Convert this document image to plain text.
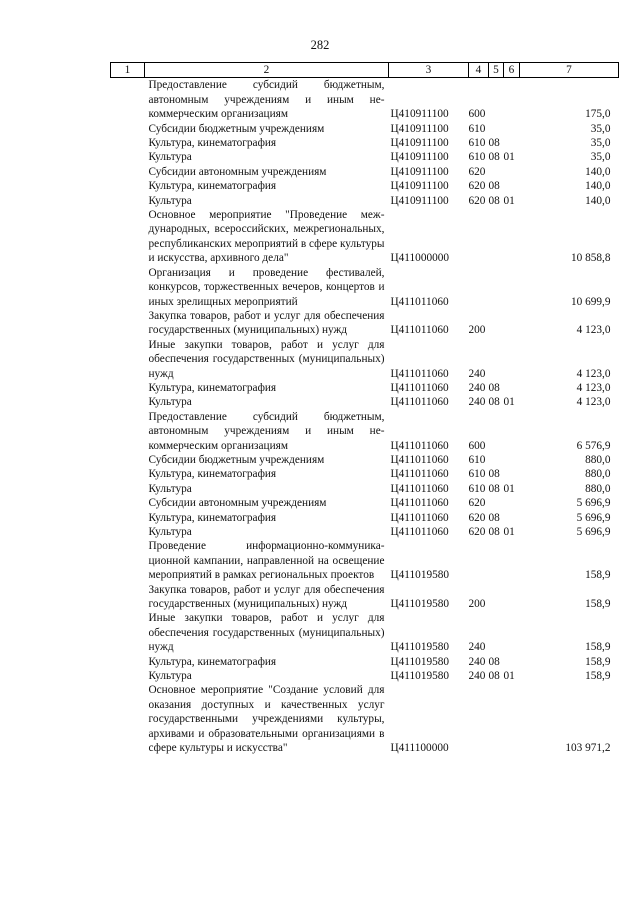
282
1	2	3	4	5	6	7
	Предоставление субсидий бюджетным, автономным учреждениям и иным некоммерческим организациям	Ц410911100	600			175,0
	Субсидии бюджетным учреждениям	Ц410911100	610			35,0
	Культура, кинематография	Ц410911100	610	08		35,0
	Культура	Ц410911100	610	08	01	35,0
	Субсидии автономным учреждениям	Ц410911100	620			140,0
	Культура, кинематография	Ц410911100	620	08		140,0
	Культура	Ц410911100	620	08	01	140,0
	Основное мероприятие "Проведение международных, всероссийских, межрегиональных, республиканских мероприятий в сфере культуры и искусства, архивного дела"	Ц411000000				10 858,8
	Организация и проведение фестивалей, конкурсов, торжественных вечеров, концертов и иных зрелищных мероприятий	Ц411011060				10 699,9
	Закупка товаров, работ и услуг для обеспечения государственных (муниципальных) нужд	Ц411011060	200			4 123,0
	Иные закупки товаров, работ и услуг для обеспечения государственных (муниципальных) нужд	Ц411011060	240			4 123,0
	Культура, кинематография	Ц411011060	240	08		4 123,0
	Культура	Ц411011060	240	08	01	4 123,0
	Предоставление субсидий бюджетным, автономным учреждениям и иным некоммерческим организациям	Ц411011060	600			6 576,9
	Субсидии бюджетным учреждениям	Ц411011060	610			880,0
	Культура, кинематография	Ц411011060	610	08		880,0
	Культура	Ц411011060	610	08	01	880,0
	Субсидии автономным учреждениям	Ц411011060	620			5 696,9
	Культура, кинематография	Ц411011060	620	08		5 696,9
	Культура	Ц411011060	620	08	01	5 696,9
	Проведение информационно-коммуникационной кампании, направленной на освещение мероприятий в рамках региональных проектов	Ц411019580				158,9
	Закупка товаров, работ и услуг для обеспечения государственных (муниципальных) нужд	Ц411019580	200			158,9
	Иные закупки товаров, работ и услуг для обеспечения государственных (муниципальных) нужд	Ц411019580	240			158,9
	Культура, кинематография	Ц411019580	240	08		158,9
	Культура	Ц411019580	240	08	01	158,9
	Основное мероприятие "Создание условий для оказания доступных и качественных услуг государственными учреждениями культуры, архивами и образовательными организациями в сфере культуры и искусства"	Ц411100000				103 971,2
